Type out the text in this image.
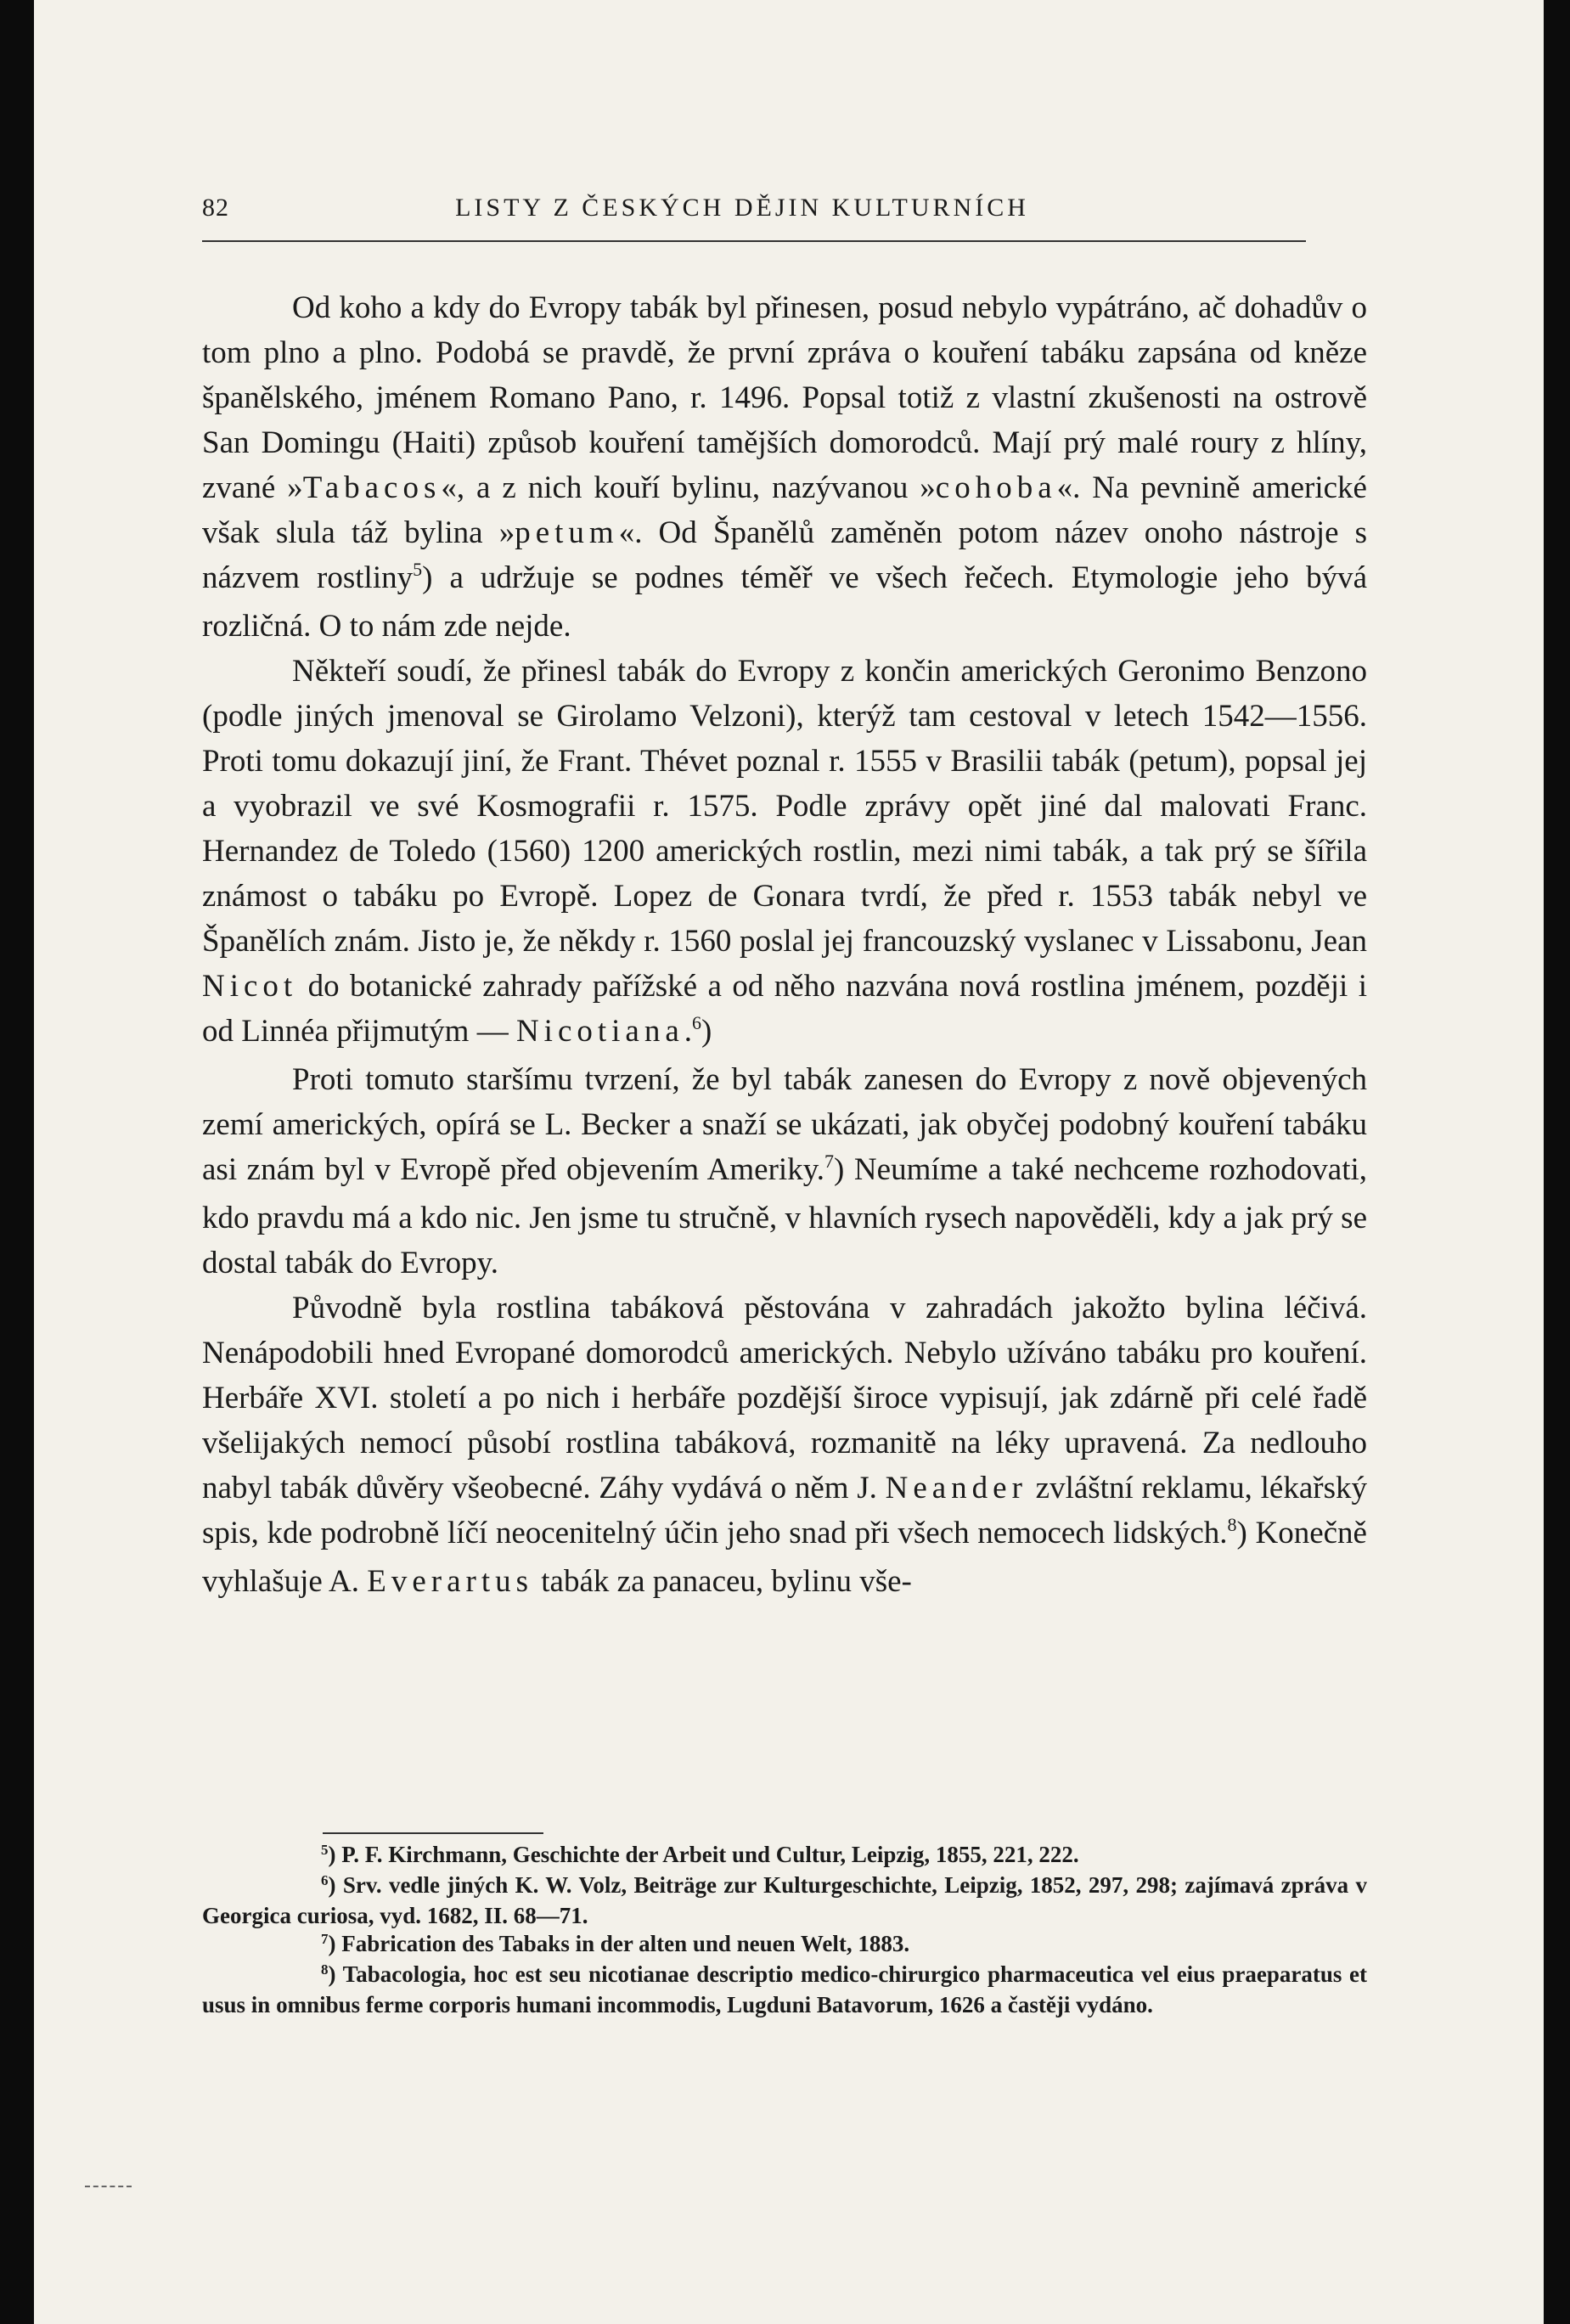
82	LISTY Z ČESKÝCH DĚJIN KULTURNÍCH

Od koho a kdy do Evropy tabák byl přinesen, posud nebylo vypátráno, ač dohadův o tom plno a plno. Podobá se pravdě, že první zpráva o kouření tabáku zapsána od kněze španělského, jménem Romano Pano, r. 1496. Popsal totiž z vlastní zkušenosti na ostrově San Domingu (Haiti) způsob kouření tamějších domorodců. Mají prý malé roury z hlíny, zvané »Tabacos«, a z nich kouří bylinu, nazývanou »cohoba«. Na pevnině americké však slula táž bylina »petum«. Od Španělů zaměněn potom název onoho nástroje s názvem rostliny$^5$) a udržuje se podnes téměř ve všech řečech. Etymologie jeho bývá rozličná. O to nám zde nejde.

Někteří soudí, že přinesl tabák do Evropy z končin amerických Geronimo Benzono (podle jiných jmenoval se Girolamo Velzoni), kterýž tam cestoval v letech 1542—1556. Proti tomu dokazují jiní, že Frant. Thévet poznal r. 1555 v Brasilii tabák (petum), popsal jej a vyobrazil ve své Kosmografii r. 1575. Podle zprávy opět jiné dal malovati Franc. Hernandez de Toledo (1560) 1200 amerických rostlin, mezi nimi tabák, a tak prý se šířila známost o tabáku po Evropě. Lopez de Gonara tvrdí, že před r. 1553 tabák nebyl ve Španělích znám. Jisto je, že někdy r. 1560 poslal jej francouzský vyslanec v Lissabonu, Jean Nicot do botanické zahrady pařížské a od něho nazvána nová rostlina jménem, později i od Linnéa přijmutým — Nicotiana.$^6$)

Proti tomuto staršímu tvrzení, že byl tabák zanesen do Evropy z nově objevených zemí amerických, opírá se L. Becker a snaží se ukázati, jak obyčej podobný kouření tabáku asi znám byl v Evropě před objevením Ameriky.$^7$) Neumíme a také nechceme rozhodovati, kdo pravdu má a kdo nic. Jen jsme tu stručně, v hlavních rysech napověděli, kdy a jak prý se dostal tabák do Evropy.

Původně byla rostlina tabáková pěstována v zahradách jakožto bylina léčivá. Nenápodobili hned Evropané domorodců amerických. Nebylo užíváno tabáku pro kouření. Herbáře XVI. století a po nich i herbáře pozdější široce vypisují, jak zdárně při celé řadě všelijakých nemocí působí rostlina tabáková, rozmanitě na léky upravená. Za nedlouho nabyl tabák důvěry všeobecné. Záhy vydává o něm J. Neander zvláštní reklamu, lékařský spis, kde podrobně líčí neocenitelný účin jeho snad při všech nemocech lidských.$^8$) Konečně vyhlašuje A. Everartus tabák za panaceu, bylinu vše-

$^5$) P. F. Kirchmann, Geschichte der Arbeit und Cultur, Leipzig, 1855, 221, 222.

$^6$) Srv. vedle jiných K. W. Volz, Beiträge zur Kulturgeschichte, Leipzig, 1852, 297, 298; zajímavá zpráva v Georgica curiosa, vyd. 1682, II. 68—71.

$^7$) Fabrication des Tabaks in der alten und neuen Welt, 1883.

$^8$) Tabacologia, hoc est seu nicotianae descriptio medico-chirurgico pharmaceutica vel eius praeparatus et usus in omnibus ferme corporis humani incommodis, Lugduni Batavorum, 1626 a častěji vydáno.
